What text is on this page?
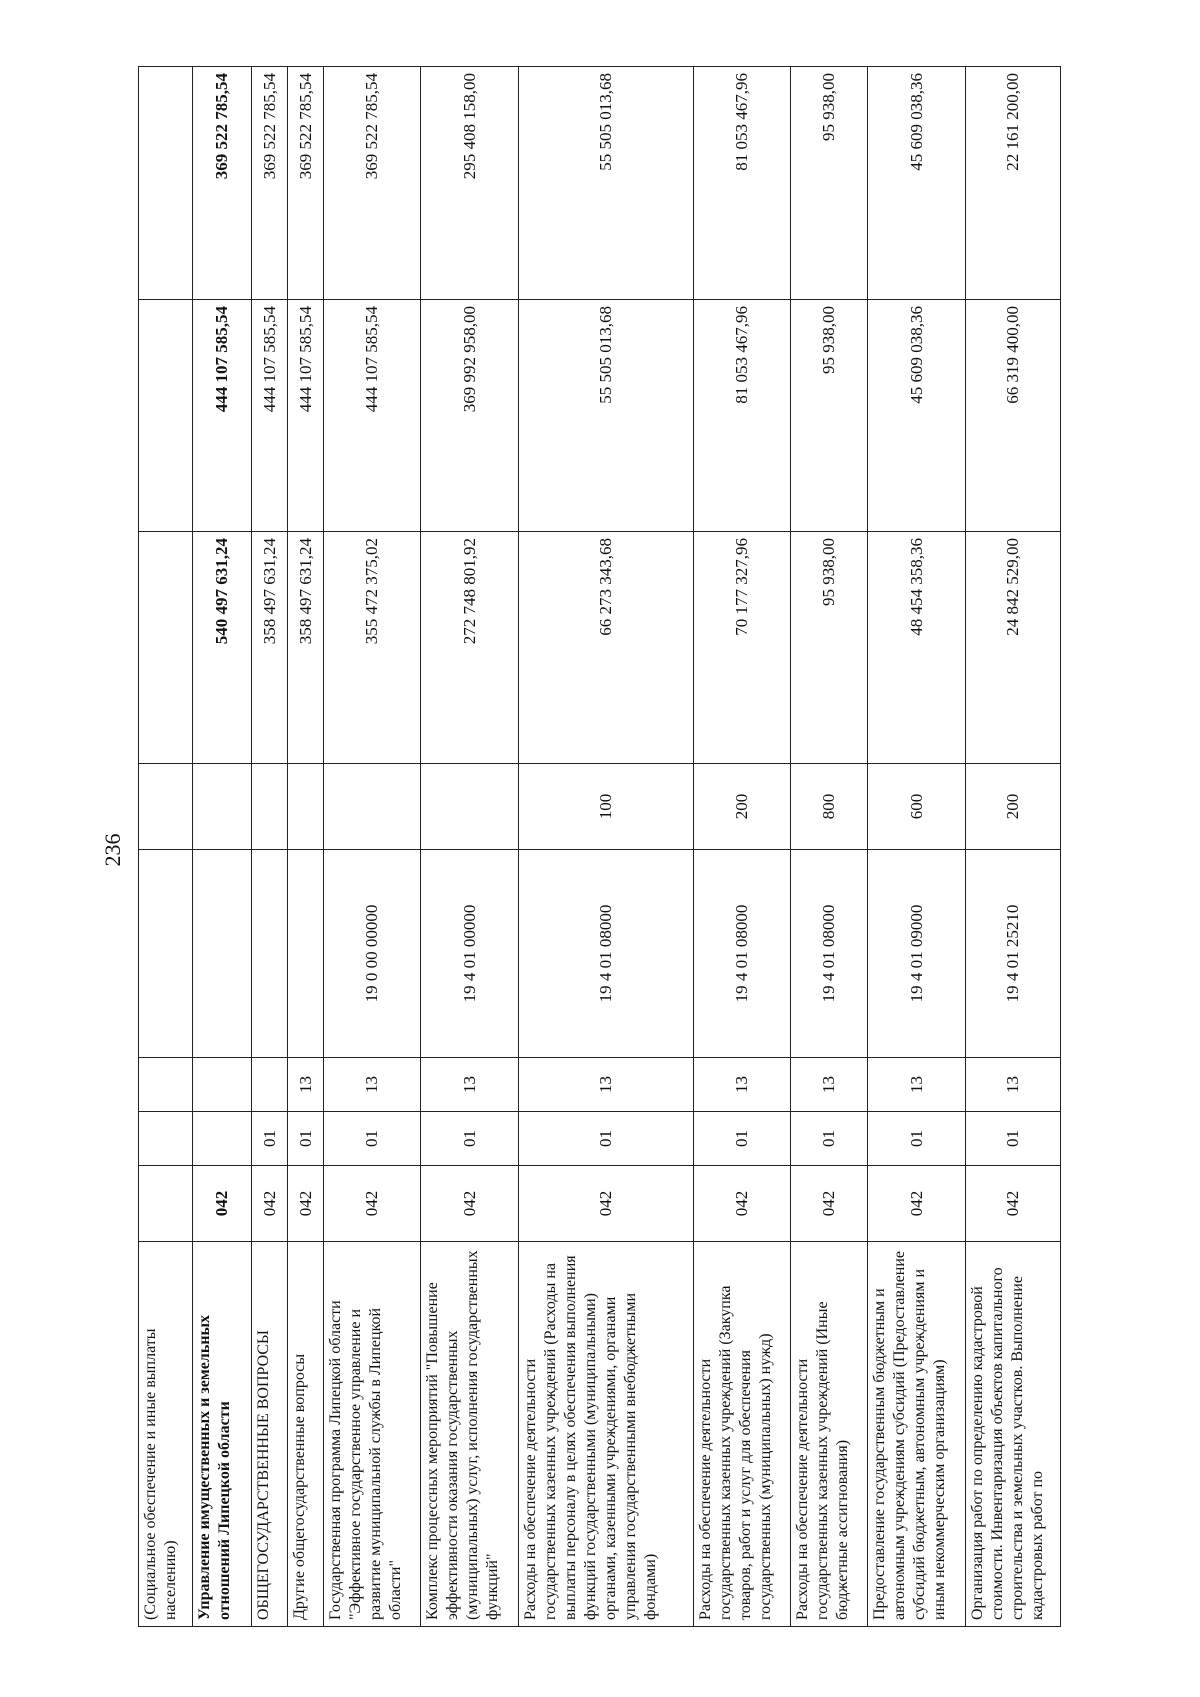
236
(Социальное обеспечение и иные выплаты населению)								
Управление имущественных и земельных отношений Липецкой области	042					540 497 631,24	444 107 585,54	369 522 785,54
ОБЩЕГОСУДАРСТВЕННЫЕ ВОПРОСЫ	042	01				358 497 631,24	444 107 585,54	369 522 785,54
Другие общегосударственные вопросы	042	01	13			358 497 631,24	444 107 585,54	369 522 785,54
Государственная программа Липецкой области "Эффективное государственное управление и развитие муниципальной службы в Липецкой области"	042	01	13	19 0 00 00000		355 472 375,02	444 107 585,54	369 522 785,54
Комплекс процессных мероприятий "Повышение эффективности оказания государственных (муниципальных) услуг, исполнения государственных функций"	042	01	13	19 4 01 00000		272 748 801,92	369 992 958,00	295 408 158,00
Расходы на обеспечение деятельности государственных казенных учреждений (Расходы на выплаты персоналу в целях обеспечения выполнения функций государственными (муниципальными) органами, казенными учреждениями, органами управления государственными внебюджетными фондами)	042	01	13	19 4 01 08000	100	66 273 343,68	55 505 013,68	55 505 013,68
Расходы на обеспечение деятельности государственных казенных учреждений (Закупка товаров, работ и услуг для обеспечения государственных (муниципальных) нужд)	042	01	13	19 4 01 08000	200	70 177 327,96	81 053 467,96	81 053 467,96
Расходы на обеспечение деятельности государственных казенных учреждений (Иные бюджетные ассигнования)	042	01	13	19 4 01 08000	800	95 938,00	95 938,00	95 938,00
Предоставление государственным бюджетным и автономным учреждениям субсидий (Предоставление субсидий бюджетным, автономным учреждениям и иным некоммерческим организациям)	042	01	13	19 4 01 09000	600	48 454 358,36	45 609 038,36	45 609 038,36
Организация работ по определению кадастровой стоимости. Инвентаризация объектов капитального строительства и земельных участков. Выполнение кадастровых работ по	042	01	13	19 4 01 25210	200	24 842 529,00	66 319 400,00	22 161 200,00
